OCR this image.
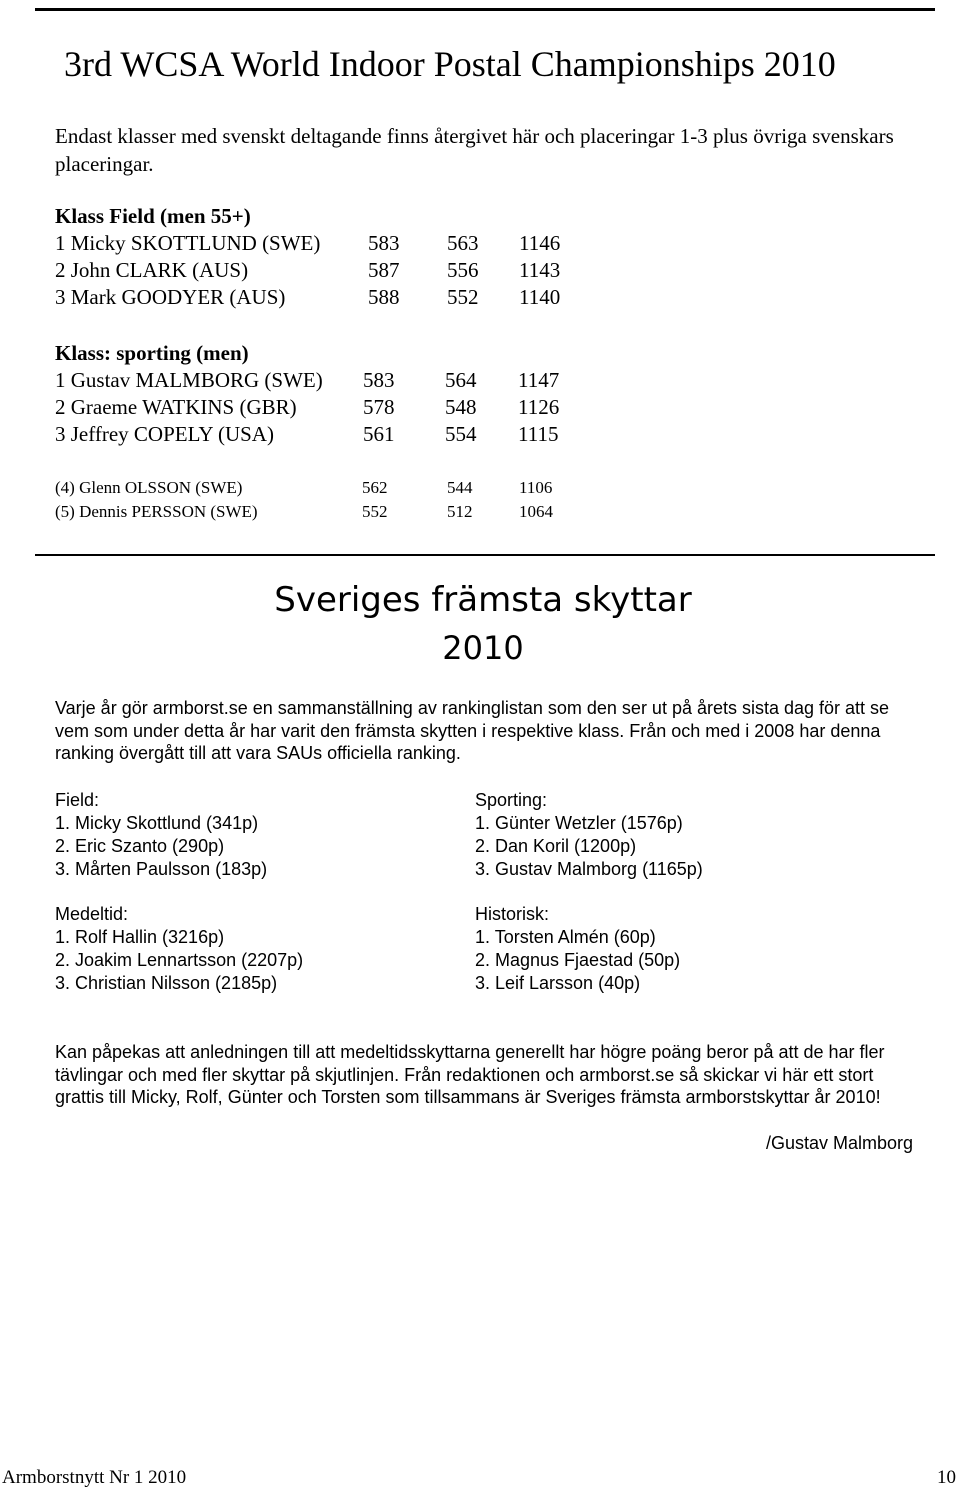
3rd WCSA World Indoor Postal Championships 2010
Endast klasser med svenskt deltagande finns återgivet här och placeringar 1-3 plus övriga svenskars placeringar.
Klass Field (men 55+)
1 Micky SKOTTLUND (SWE) 583 563 1146
2 John CLARK (AUS)	587 556 1143
3 Mark GOODYER (AUS)	588 552 1140
Klass: sporting (men)
1 Gustav MALMBORG (SWE) 583 564 1147
2 Graeme WATKINS (GBR)	578 548 1126
3 Jeffrey COPELY (USA)	561 554 1115
(4) Glenn OLSSON (SWE)	562	544	1106
(5) Dennis PERSSON (SWE)	552	512	1064
Sveriges främsta skyttar
2010
Varje år gör armborst.se en sammanställning av rankinglistan som den ser ut på årets sista dag för att se vem som under detta år har varit den främsta skytten i respektive klass. Från och med i 2008 har denna ranking övergått till att vara SAUs officiella ranking.
Field:
1. Micky Skottlund (341p)
2. Eric Szanto (290p)
3. Mårten Paulsson (183p)
Sporting:
1. Günter Wetzler (1576p)
2. Dan Koril (1200p)
3. Gustav Malmborg (1165p)
Medeltid:
1. Rolf Hallin (3216p)
2. Joakim Lennartsson (2207p)
3. Christian Nilsson (2185p)
Historisk:
1. Torsten Almén (60p)
2. Magnus Fjaestad (50p)
3. Leif Larsson (40p)
Kan påpekas att anledningen till att medeltidsskyttarna generellt har högre poäng beror på att de har fler tävlingar och med fler skyttar på skjutlinjen. Från redaktionen och armborst.se så skickar vi här ett stort grattis till Micky, Rolf, Günter och Torsten som tillsammans är Sveriges främsta armborstskyttar år 2010!
/Gustav Malmborg
Armborstnytt Nr 1 2010	10
